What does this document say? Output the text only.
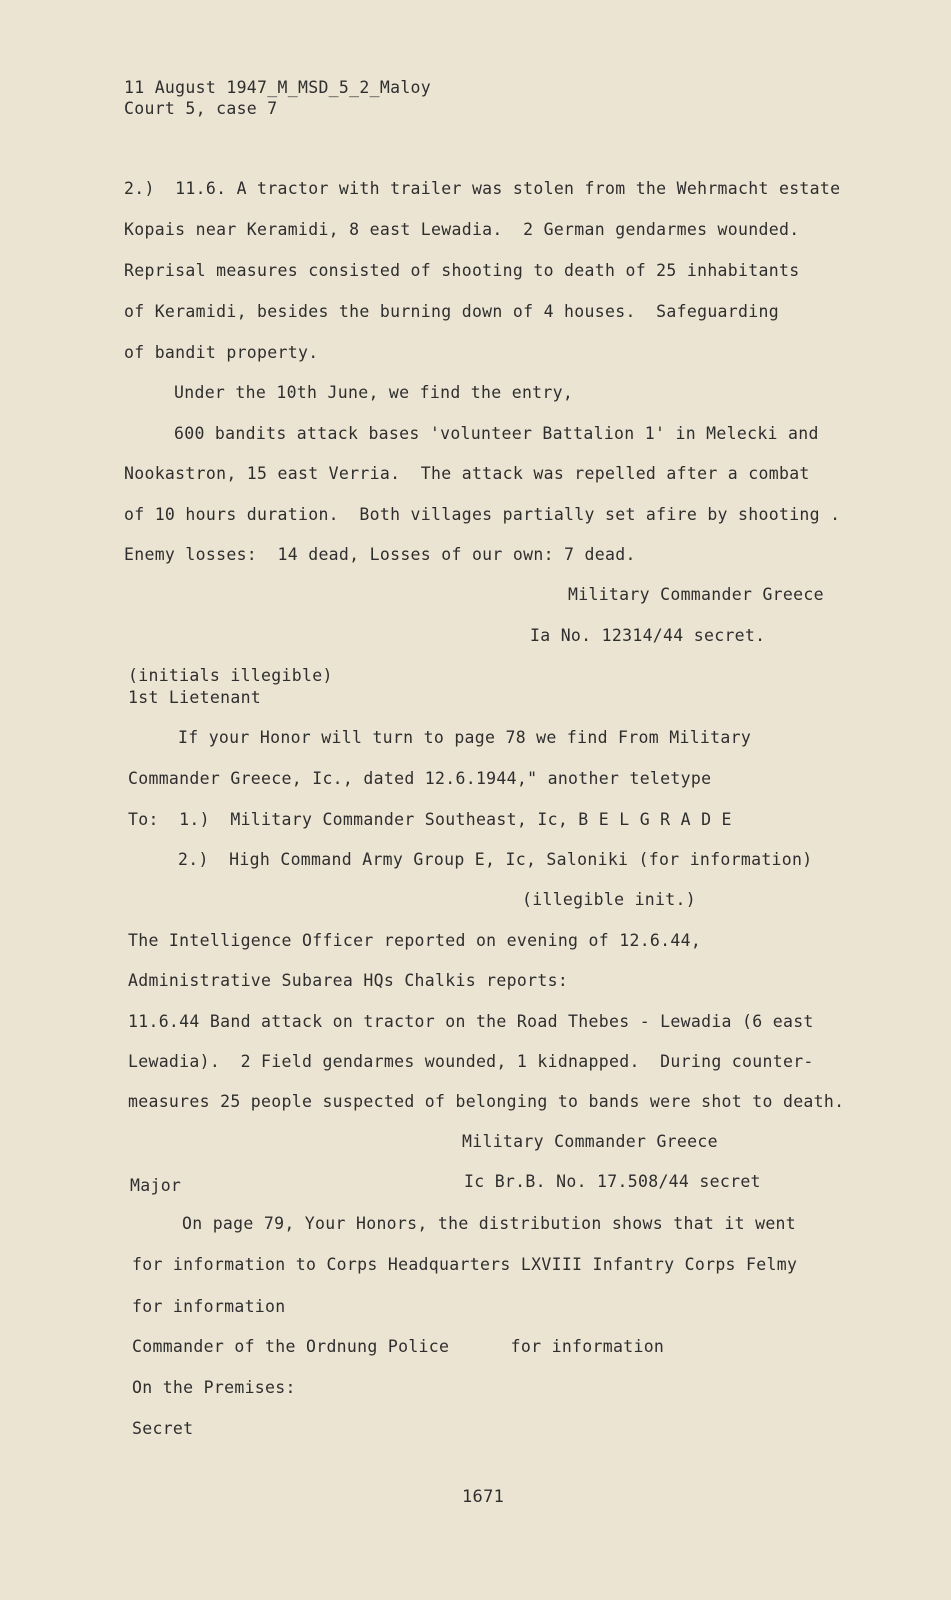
11 August 1947_M_MSD_5_2_Maloy
Court 5, case 7
2.)  11.6. A tractor with trailer was stolen from the Wehrmacht estate
Kopais near Keramidi, 8 east Lewadia.  2 German gendarmes wounded.
Reprisal measures consisted of shooting to death of 25 inhabitants
of Keramidi, besides the burning down of 4 houses.  Safeguarding
of bandit property.
Under the 10th June, we find the entry,
600 bandits attack bases 'volunteer Battalion 1' in Melecki and
Nookastron, 15 east Verria.  The attack was repelled after a combat
of 10 hours duration.  Both villages partially set afire by shooting .
Enemy losses:  14 dead, Losses of our own: 7 dead.
Military Commander Greece
Ia No. 12314/44 secret.
(initials illegible)
1st Lietenant
If your Honor will turn to page 78 we find From Military
Commander Greece, Ic., dated 12.6.1944," another teletype
To:  1.)  Military Commander Southeast, Ic, B E L G R A D E
2.)  High Command Army Group E, Ic, Saloniki (for information)
(illegible init.)
The Intelligence Officer reported on evening of 12.6.44,
Administrative Subarea HQs Chalkis reports:
11.6.44 Band attack on tractor on the Road Thebes - Lewadia (6 east
Lewadia).  2 Field gendarmes wounded, 1 kidnapped.  During counter-
measures 25 people suspected of belonging to bands were shot to death.
Military Commander Greece
Major	Ic Br.B. No. 17.508/44 secret
On page 79, Your Honors, the distribution shows that it went
for information to Corps Headquarters LXVIII Infantry Corps Felmy
for information
Commander of the Ordnung Police      for information
On the Premises:
Secret
1671
